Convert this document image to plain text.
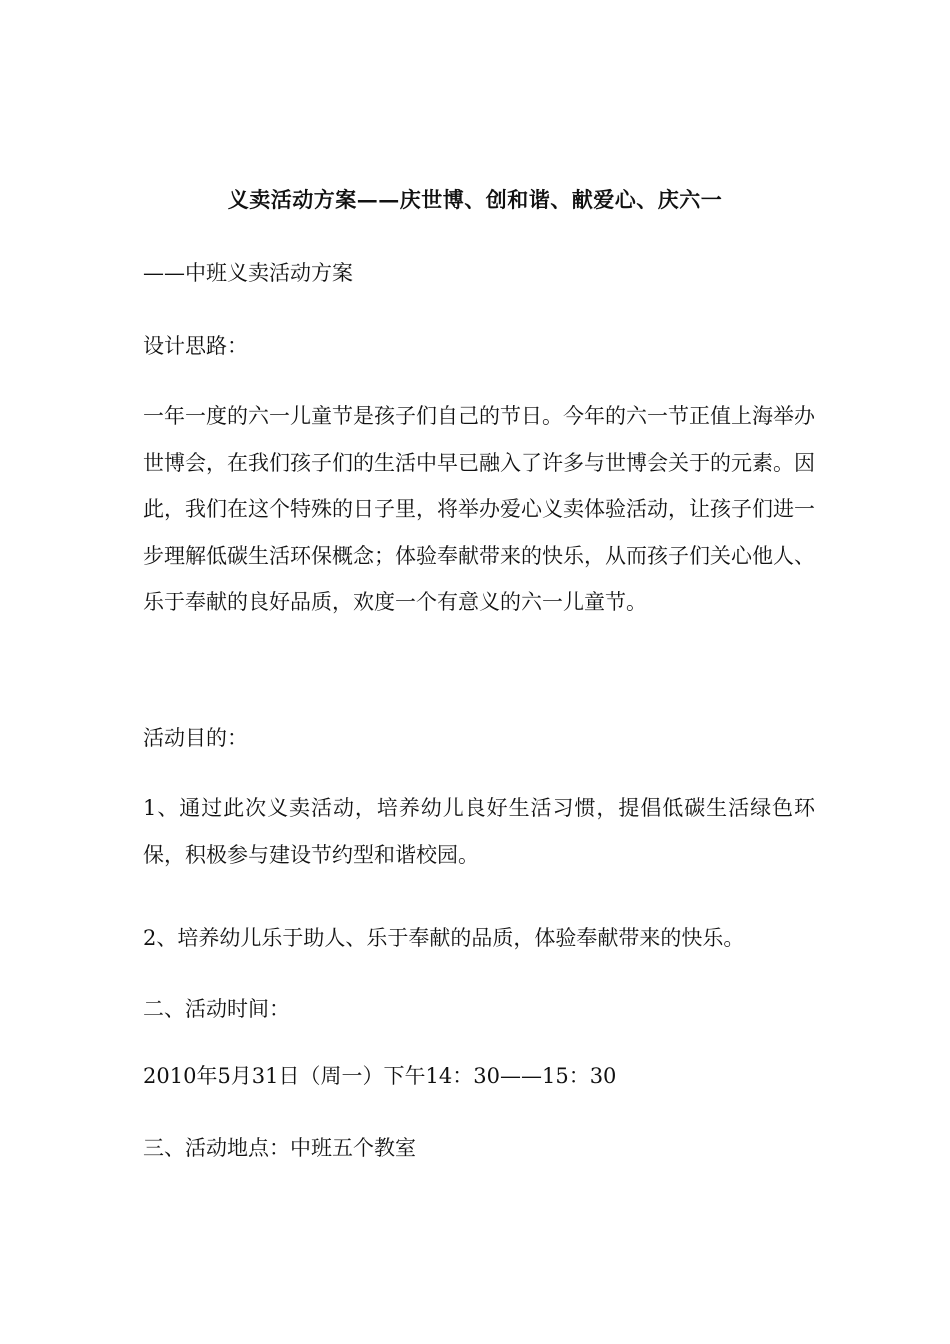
义卖活动方案——庆世博、创和谐、献爱心、庆六一
——中班义卖活动方案
设计思路：
一年一度的六一儿童节是孩子们自己的节日。今年的六一节正值上海举办世博会，在我们孩子们的生活中早已融入了许多与世博会关于的元素。因此，我们在这个特殊的日子里，将举办爱心义卖体验活动，让孩子们进一步理解低碳生活环保概念；体验奉献带来的快乐，从而孩子们关心他人、乐于奉献的良好品质，欢度一个有意义的六一儿童节。
活动目的：
1、通过此次义卖活动，培养幼儿良好生活习惯，提倡低碳生活绿色环保，积极参与建设节约型和谐校园。
2、培养幼儿乐于助人、乐于奉献的品质，体验奉献带来的快乐。
二、活动时间：
2010年5月31日（周一）下午14：30——15：30
三、活动地点：中班五个教室
